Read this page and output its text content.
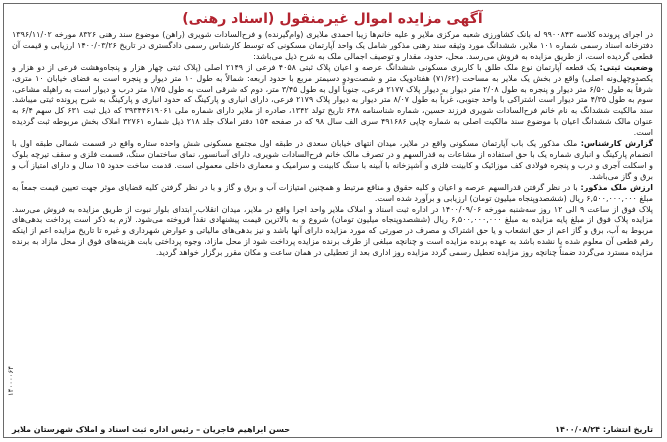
آگهی مزایده اموال غیرمنقول (اسناد رهنی)

در اجرای پرونده کلاسه ۹۹۰۰۸۴۳ له بانک کشاورزی شعبه مرکزی ملایر و علیه خانم‌ها زیبا احمدی ملایری (وام‌گیرنده) و فرح‌السادات شویری (راهن) موضوع سند رهنی ۸۳۲۶ مورخه ۱۳۹۶/۱۱/۰۲ دفترخانه اسناد رسمی شماره ۱۰۱ ملایر، ششدانگ مورد وثیقه سند رهنی مذکور شامل یک واحد آپارتمان مسکونی که توسط کارشناس رسمی دادگستری در تاریخ ۱۴۰۰/۰۳/۲۶ ارزیابی و قیمت آن قطعی گردیده است، از طریق مزایده به فروش می‌رسد. محل، حدود، مقدار و توصیف اجمالی ملک به شرح ذیل می‌باشد:

وضعیت ثبتی: یک قطعه آپارتمان نوع ملک طلق با کاربری مسکونی ششدانگ عرصه و اعیان پلاک ثبتی ۴۰۵۸ فرعی از ۲۱۴۹ اصلی (پلاک ثبتی چهار هزار و پنجاه‌وهشت فرعی از دو هزار و یکصدوچهل‌ونه اصلی) واقع در بخش یک ملایر به مساحت (۷۱/۶۲) هفتادویک متر و شصت‌ودو دسیمتر مربع با حدود اربعه: شمالاً به طول ۱۰ متر دیوار و پنجره است به فضای خیابان ۱۰ متری، شرقاً به طول ۶/۵۰ متر دیوار و پنجره به طول ۲/۰۸ متر دیوار به دیوار پلاک ۲۱۷۷ فرعی، جنوباً اول به طول ۳/۴۵ متر، دوم که شرقی است به طول ۱/۷۵ متر درب و دیوار است به راهپله مشاعی، سوم به طول ۴/۳۵ متر دیوار است اشتراکی با واحد جنوبی، غرباً به طول ۸/۰۷ متر دیوار به دیوار پلاک ۲۱۷۹ فرعی، دارای انباری و پارکینگ که حدود انباری و پارکینگ به شرح پرونده ثبتی میباشد. سند مالکیت ششدانگ به نام خانم فرح‌السادات شویری فرزند حسین، شماره شناسنامه ۶۴۸ تاریخ تولد ۱۳۴۲، صادره از ملایر دارای شماره ملی ۳۹۳۴۴۶۱۹۰۶۱ که ذیل ثبت ۶۳۱ کل سهم ۶/۴ به عنوان مالک ششدانگ اعیان با موضوع سند مالکیت اصلی به شماره چاپی ۴۹۱۶۸۶ سری الف سال ۹۸ که در صفحه ۱۵۴ دفتر املاک جلد ۲۱۸ ذیل شماره ۳۲۷۶۱ املاک بخش مربوطه ثبت گردیده است.

گزارش کارشناس: ملک مذکور یک باب آپارتمان مسکونی واقع در ملایر، میدان انتهای خیابان سعدی در طبقه اول مجتمع مسکونی شش واحده ستاره واقع در قسمت شمالی طبقه اول با انضمام پارکینگ و انباری شماره یک با حق استفاده از مشاعات به قدرالسهم و در تصرف مالک خانم فرح‌السادات شویری، دارای آسانسور، نمای ساختمان سنگ، قسمت فلزی و سقف تیرچه بلوک و اسکلت آجری و درب و پنجره فولادی کف موزائیک و کابینت فلزی و آشپزخانه با آبینه با سنگ کابینت و سرامیک و معماری داخلی معمولی است. قدمت ساخت حدود ۱۵ سال و دارای امتیاز آب و برق و گاز می‌باشد.

ارزش ملک مذکور: با در نظر گرفتن قدرالسهم عرصه و اعیان و کلیه حقوق و منافع مرتبط و همچنین امتیازات آب و برق و گاز و با در نظر گرفتن کلیه قضایای موثر جهت تعیین قیمت جمعاً به مبلغ ۶,۵۰۰,۰۰۰,۰۰۰ ریال (ششصدوپنجاه میلیون تومان) ارزیابی و برآورد شده است.

پلاک فوق از ساعت ۹ الی ۱۲ روز سه‌شنبه مورخه ۱۴۰۰/۰۹/۰۶ در اداره ثبت اسناد و املاک ملایر واحد اجرا واقع در ملایر، میدان انقلاب، ابتدای بلوار نبوت از طریق مزایده به فروش می‌رسد. مزایده پلاک فوق از مبلغ پایه مزایده به مبلغ ۶,۵۰۰,۰۰۰,۰۰۰ ریال (ششصدوپنجاه میلیون تومان) شروع و به بالاترین قیمت پیشنهادی نقداً فروخته می‌شود. لازم به ذکر است پرداخت بدهی‌های مربوط به آب، برق و گاز اعم از حق انشعاب و یا حق اشتراک و مصرف در صورتی که مورد مزایده دارای آنها باشد و نیز بدهی‌های مالیاتی و عوارض شهرداری و غیره تا تاریخ مزایده اعم از اینکه رقم قطعی آن معلوم شده یا نشده باشد به عهده برنده مزایده است و چنانچه مبلغی از طرف برنده مزایده پرداخت شود از محل مازاد، وجوه پرداختی بابت هزینه‌های فوق از محل مازاد به برنده مزایده مسترد می‌گردد ضمناً چنانچه روز مزایده تعطیل رسمی گردد مزایده روز اداری بعد از تعطیلی در همان ساعت و مکان مقرر برگزار خواهد گردید.

تاریخ انتشار: ۱۴۰۰/۰۸/۲۴
حسن ابراهیم فاجریان – رئیس اداره ثبت اسناد و املاک شهرستان ملایر
۱۴۰۰۰۰۶۴
